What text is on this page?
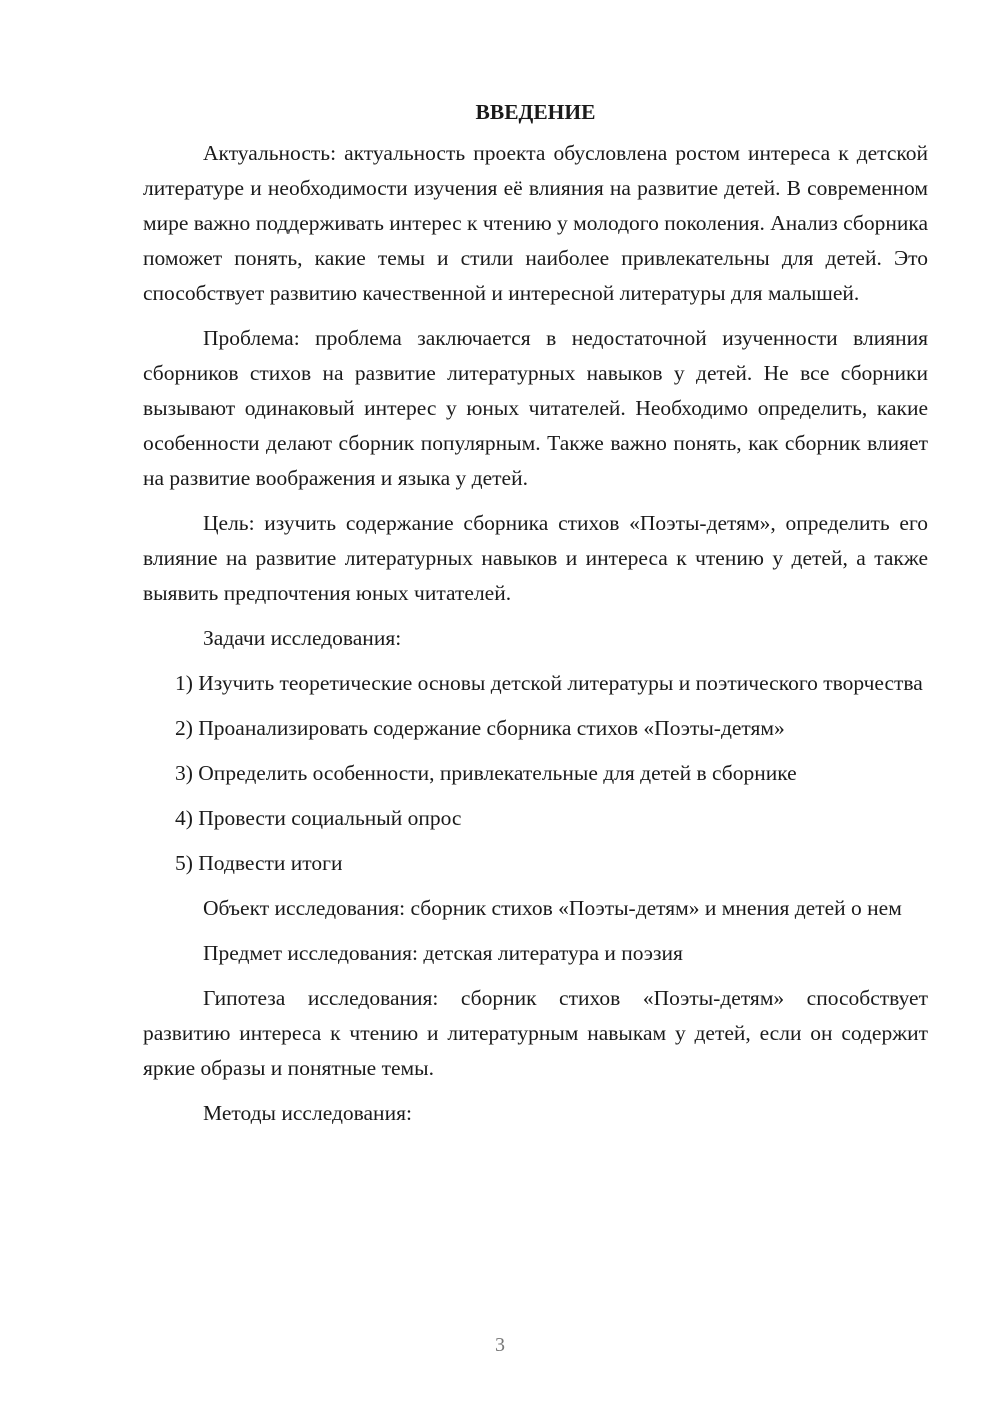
ВВЕДЕНИЕ

Актуальность: актуальность проекта обусловлена ростом интереса к детской литературе и необходимости изучения её влияния на развитие детей. В современном мире важно поддерживать интерес к чтению у молодого поколения. Анализ сборника поможет понять, какие темы и стили наиболее привлекательны для детей. Это способствует развитию качественной и интересной литературы для малышей.

Проблема: проблема заключается в недостаточной изученности влияния сборников стихов на развитие литературных навыков у детей. Не все сборники вызывают одинаковый интерес у юных читателей. Необходимо определить, какие особенности делают сборник популярным. Также важно понять, как сборник влияет на развитие воображения и языка у детей.

Цель: изучить содержание сборника стихов «Поэты-детям», определить его влияние на развитие литературных навыков и интереса к чтению у детей, а также выявить предпочтения юных читателей.

Задачи исследования:

1) Изучить теоретические основы детской литературы и поэтического творчества

2) Проанализировать содержание сборника стихов «Поэты-детям»

3) Определить особенности, привлекательные для детей в сборнике

4) Провести социальный опрос

5) Подвести итоги

Объект исследования: сборник стихов «Поэты-детям» и мнения детей о нем

Предмет исследования: детская литература и поэзия

Гипотеза исследования: сборник стихов «Поэты-детям» способствует развитию интереса к чтению и литературным навыкам у детей, если он содержит яркие образы и понятные темы.

Методы исследования:

3
